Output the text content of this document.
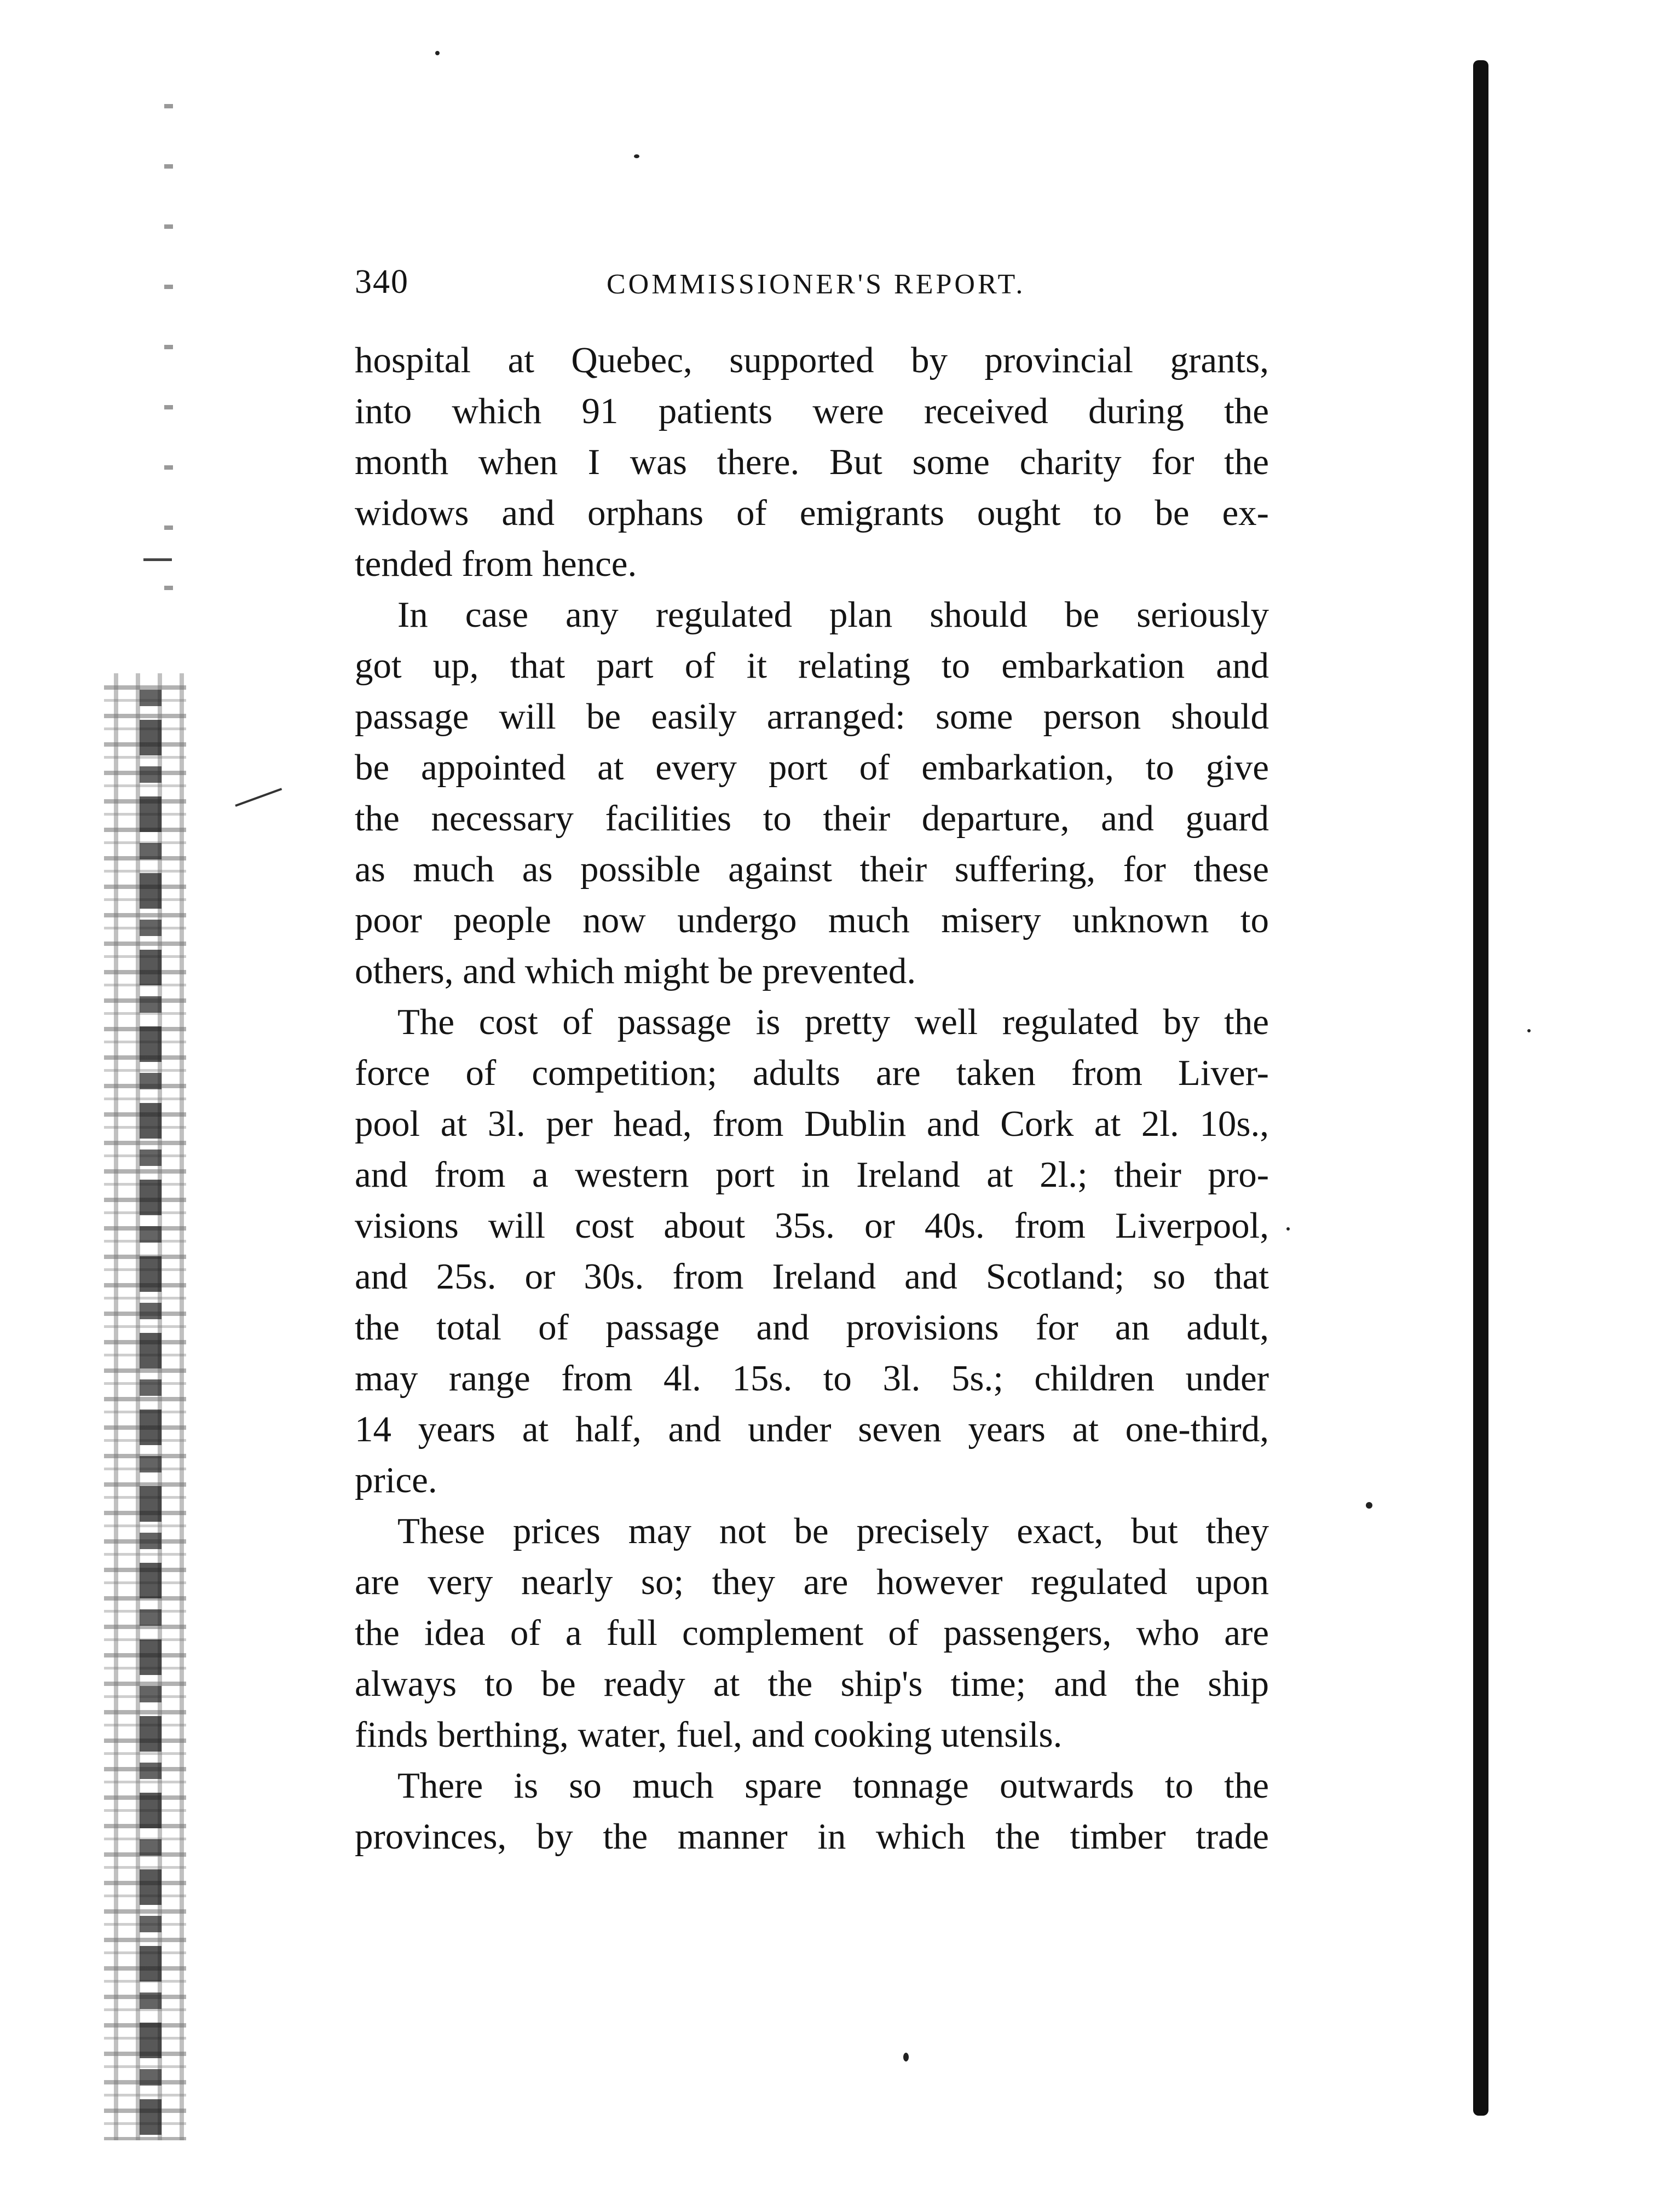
340	COMMISSIONER'S REPORT.
hospital at Quebec, supported by provincial grants,
into which 91 patients were received during the
month when I was there. But some charity for the
widows and orphans of emigrants ought to be ex-
tended from hence.
In case any regulated plan should be seriously
got up, that part of it relating to embarkation and
passage will be easily arranged: some person should
be appointed at every port of embarkation, to give
the necessary facilities to their departure, and guard
as much as possible against their suffering, for these
poor people now undergo much misery unknown to
others, and which might be prevented.
The cost of passage is pretty well regulated by the
force of competition; adults are taken from Liver-
pool at 3l. per head, from Dublin and Cork at 2l. 10s.,
and from a western port in Ireland at 2l.; their pro-
visions will cost about 35s. or 40s. from Liverpool,
and 25s. or 30s. from Ireland and Scotland; so that
the total of passage and provisions for an adult,
may range from 4l. 15s. to 3l. 5s.; children under
14 years at half, and under seven years at one-third,
price.
These prices may not be precisely exact, but they
are very nearly so; they are however regulated upon
the idea of a full complement of passengers, who are
always to be ready at the ship's time; and the ship
finds berthing, water, fuel, and cooking utensils.
There is so much spare tonnage outwards to the
provinces, by the manner in which the timber trade
